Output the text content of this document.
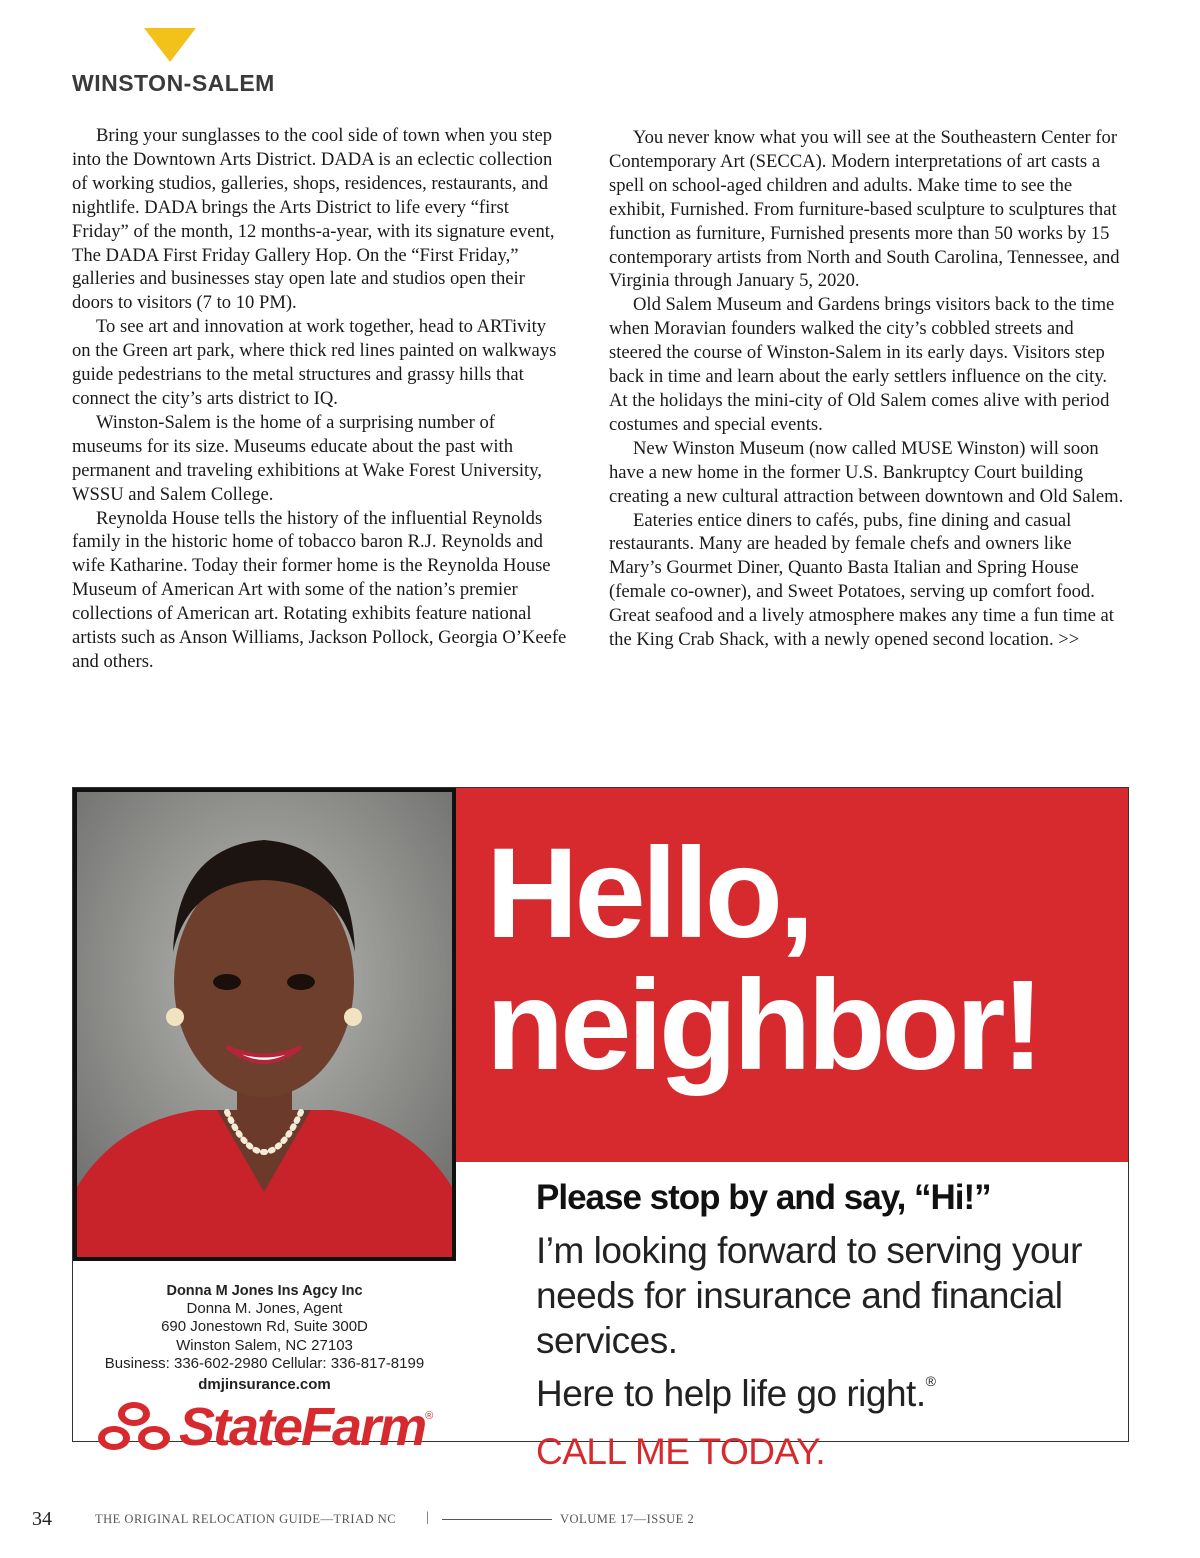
WINSTON-SALEM

Bring your sunglasses to the cool side of town when you step into the Downtown Arts District. DADA is an eclectic collection of working studios, galleries, shops, residences, restaurants, and nightlife. DADA brings the Arts District to life every “first Friday” of the month, 12 months-a-year, with its signature event, The DADA First Friday Gallery Hop. On the “First Friday,” galleries and businesses stay open late and studios open their doors to visitors (7 to 10 PM).

To see art and innovation at work together, head to ARTivity on the Green art park, where thick red lines painted on walkways guide pedestrians to the metal structures and grassy hills that connect the city’s arts district to IQ.

Winston-Salem is the home of a surprising number of museums for its size. Museums educate about the past with permanent and traveling exhibitions at Wake Forest University, WSSU and Salem College.

Reynolda House tells the history of the influential Reynolds family in the historic home of tobacco baron R.J. Reynolds and wife Katharine. Today their former home is the Reynolda House Museum of American Art with some of the nation’s premier collections of American art. Rotating exhibits feature national artists such as Anson Williams, Jackson Pollock, Georgia O’Keefe and others.

You never know what you will see at the Southeastern Center for Contemporary Art (SECCA). Modern interpretations of art casts a spell on school-aged children and adults. Make time to see the exhibit, Furnished. From furniture-based sculpture to sculptures that function as furniture, Furnished presents more than 50 works by 15 contemporary artists from North and South Carolina, Tennessee, and Virginia through January 5, 2020.

Old Salem Museum and Gardens brings visitors back to the time when Moravian founders walked the city’s cobbled streets and steered the course of Winston-Salem in its early days. Visitors step back in time and learn about the early settlers influence on the city. At the holidays the mini-city of Old Salem comes alive with period costumes and special events.

New Winston Museum (now called MUSE Winston) will soon have a new home in the former U.S. Bankruptcy Court building creating a new cultural attraction between downtown and Old Salem.

Eateries entice diners to cafés, pubs, fine dining and casual restaurants. Many are headed by female chefs and owners like Mary’s Gourmet Diner, Quanto Basta Italian and Spring House (female co-owner), and Sweet Potatoes, serving up comfort food. Great seafood and a lively atmosphere makes any time a fun time at the King Crab Shack, with a newly opened second location. >>

Hello,
neighbor!
Donna M Jones Ins Agcy Inc
Donna M. Jones, Agent
690 Jonestown Rd, Suite 300D
Winston Salem, NC 27103
Business: 336-602-2980 Cellular: 336-817-8199
dmjinsurance.com
StateFarm ®
Please stop by and say, “Hi!”
I’m looking forward to serving your needs for insurance and financial services.
Here to help life go right.®
CALL ME TODAY.
34	THE ORIGINAL RELOCATION GUIDE—TRIAD NC |	VOLUME 17—ISSUE 2
